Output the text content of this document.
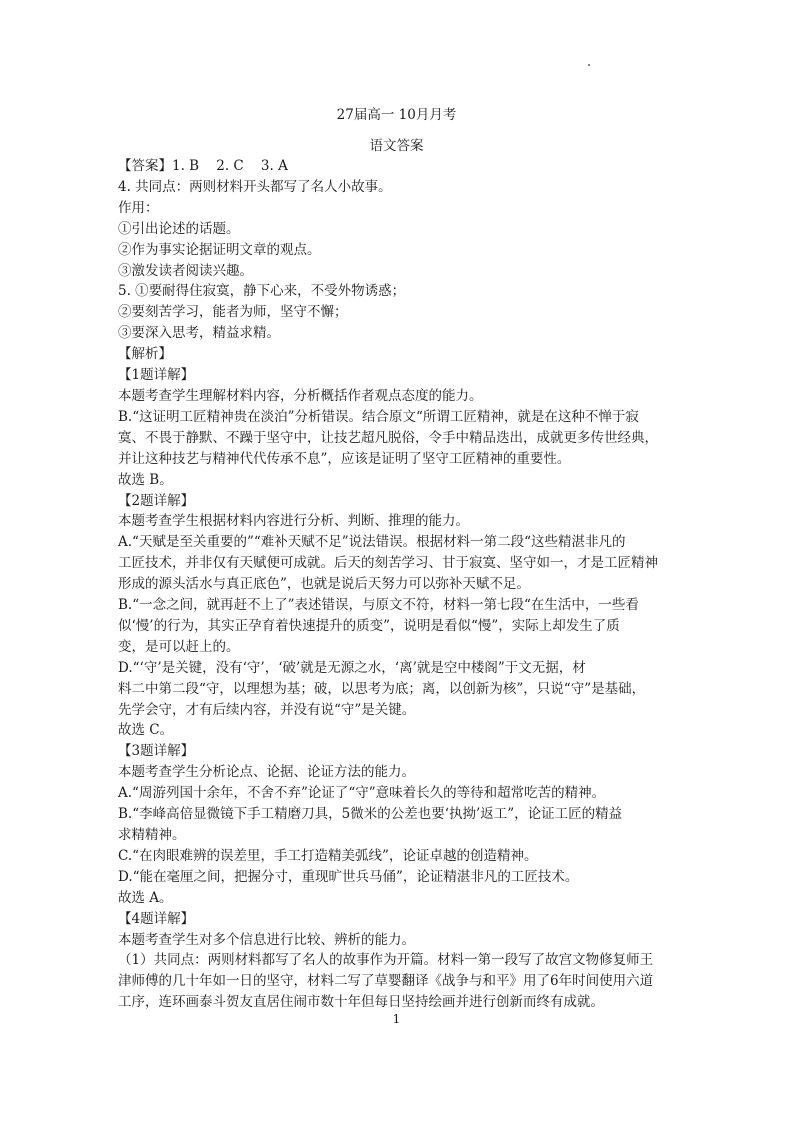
27届高一 10月月考
语文答案

【答案】1. B    2. C    3. A

4. 共同点：两则材料开头都写了名人小故事。

作用：

①引出论述的话题。

②作为事实论据证明文章的观点。

③激发读者阅读兴趣。

5. ①要耐得住寂寞，静下心来，不受外物诱惑；

②要刻苦学习，能者为师，坚守不懈；

③要深入思考，精益求精。

【解析】

【1题详解】

本题考查学生理解材料内容，分析概括作者观点态度的能力。

B.“这证明工匠精神贵在淡泊”分析错误。结合原文“所谓工匠精神，就是在这种不惮于寂

寞、不畏于静默、不躁于坚守中，让技艺超凡脱俗，令手中精品迭出，成就更多传世经典，

并让这种技艺与精神代代传承不息”，应该是证明了坚守工匠精神的重要性。

故选 B。

【2题详解】

本题考查学生根据材料内容进行分析、判断、推理的能力。

A.“天赋是至关重要的”“难补天赋不足”说法错误。根据材料一第二段“这些精湛非凡的

工匠技术，并非仅有天赋便可成就。后天的刻苦学习、甘于寂寞、坚守如一，才是工匠精神

形成的源头活水与真正底色”，也就是说后天努力可以弥补天赋不足。

B.“一念之间，就再赶不上了”表述错误，与原文不符，材料一第七段“在生活中，一些看

似‘慢’的行为，其实正孕育着快速提升的质变”，说明是看似“慢”，实际上却发生了质

变，是可以赶上的。

D.“‘守’是关键，没有‘守’，‘破’就是无源之水，‘离’就是空中楼阁”于文无据，材

料二中第二段“守，以理想为基；破，以思考为底；离，以创新为核”，只说“守”是基础，

先学会守，才有后续内容，并没有说“守”是关键。

故选 C。

【3题详解】

本题考查学生分析论点、论据、论证方法的能力。

A.“周游列国十余年，不舍不弃”论证了“守”意味着长久的等待和超常吃苦的精神。

B.“李峰高倍显微镜下手工精磨刀具，5微米的公差也要‘执拗’返工”，论证工匠的精益

求精精神。

C.“在肉眼难辨的误差里，手工打造精美弧线”，论证卓越的创造精神。

D.“能在毫厘之间，把握分寸，重现旷世兵马俑”，论证精湛非凡的工匠技术。

故选 A。

【4题详解】

本题考查学生对多个信息进行比较、辨析的能力。

（1）共同点：两则材料都写了名人的故事作为开篇。材料一第一段写了故宫文物修复师王

津师傅的几十年如一日的坚守，材料二写了草婴翻译《战争与和平》用了6年时间使用六道

工序，连环画泰斗贺友直居住闹市数十年但每日坚持绘画并进行创新而终有成就。

1
